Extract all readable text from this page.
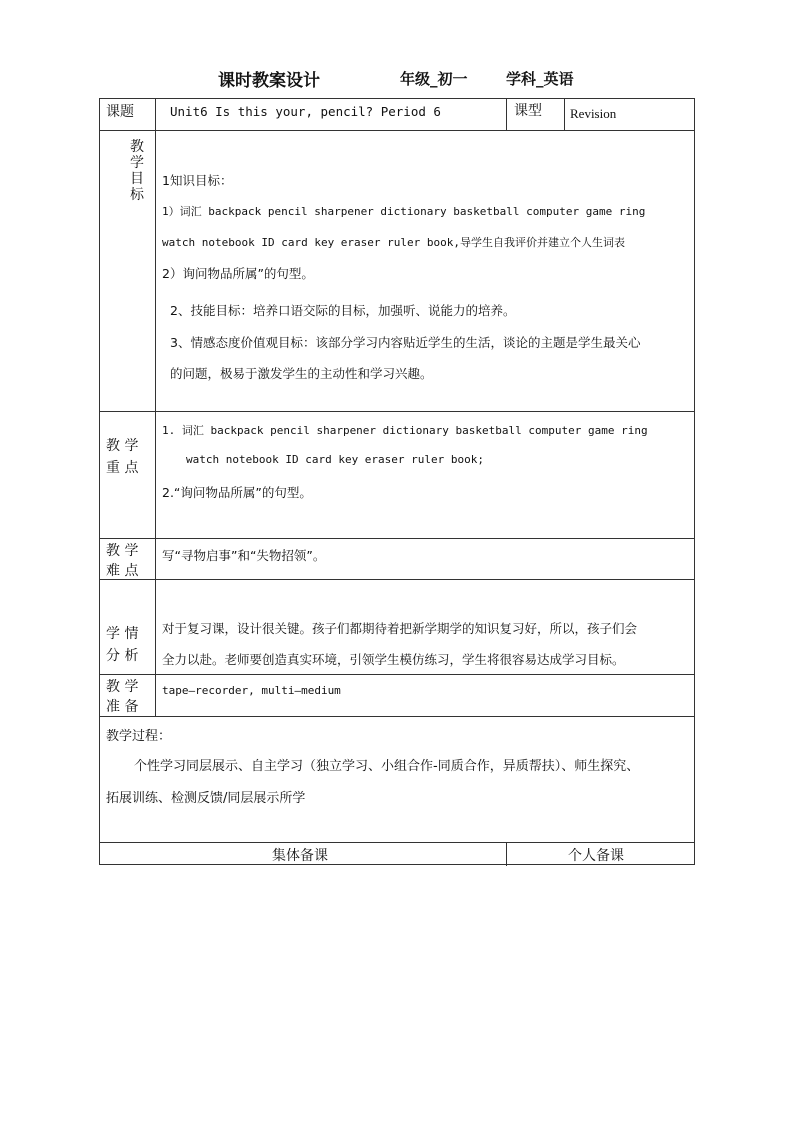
课时教案设计	年级_初一	学科_英语
课题	Unit6 Is this your, pencil? Period 6	课型 Revision
教
学
目
标
1知识目标：
1）词汇 backpack pencil sharpener dictionary basketball computer game ring
watch notebook ID card key eraser ruler book,导学生自我评价并建立个人生词表
2）询问物品所属”的句型。
2、技能目标：培养口语交际的目标，加强听、说能力的培养。
3、情感态度价值观目标：该部分学习内容贴近学生的生活，谈论的主题是学生最关心
的问题，极易于激发学生的主动性和学习兴趣。
教 学
重 点
1. 词汇 backpack pencil sharpener dictionary basketball computer game ring
watch notebook ID card key eraser ruler book;
2.“询问物品所属”的句型。
教 学
难 点
写“寻物启事”和“失物招领”。
学 情
分 析
对于复习课，设计很关键。孩子们都期待着把新学期学的知识复习好，所以，孩子们会
全力以赴。老师要创造真实环境，引领学生模仿练习，学生将很容易达成学习目标。
教 学
准 备
tape—recorder, multi—medium
教学过程：
个性学习同层展示、自主学习（独立学习、小组合作-同质合作，异质帮扶）、师生探究、
拓展训练、检测反馈/同层展示所学
集体备课	个人备课
